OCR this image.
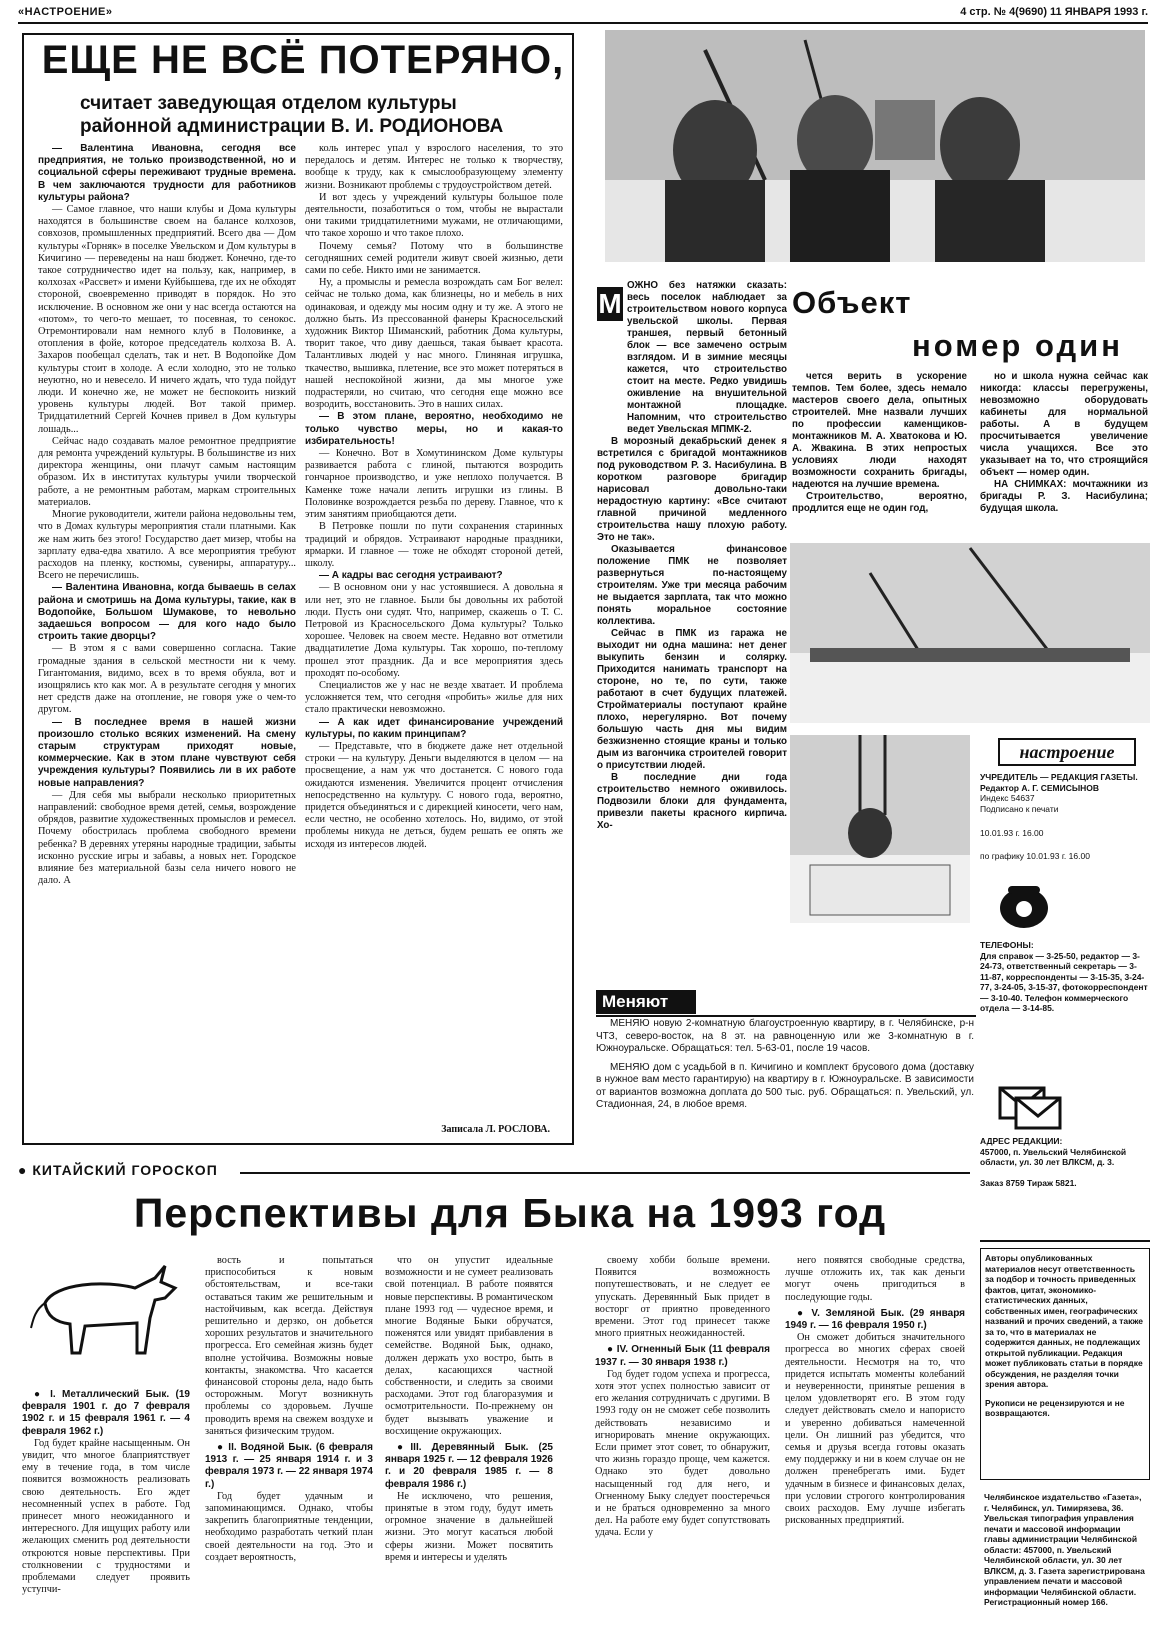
«НАСТРОЕНИЕ»	4 стр. № 4(9690) 11 ЯНВАРЯ 1993 г.
ЕЩЕ НЕ ВСЁ ПОТЕРЯНО,
считает заведующая отделом культуры районной администрации В. И. РОДИОНОВА

— Валентина Ивановна, сегодня все предприятия, не только производственной, но и социальной сферы переживают трудные времена. В чем заключаются трудности для работников культуры района?

— Самое главное, что наши клубы и Дома культуры находятся в большинстве своем на балансе колхозов, совхозов, промышленных предприятий. Всего два — Дом культуры «Горняк» в поселке Увельском и Дом культуры в Кичигино — переведены на наш бюджет. Конечно, где-то такое сотрудничество идет на пользу, как, например, в колхозах «Рассвет» и имени Куйбышева, где их не обходят стороной, своевременно приводят в порядок. Но это исключение. В основном же они у нас всегда остаются на «потом», то чего-то мешает, то посевная, то сенокос. Отремонтировали нам немного клуб в Половинке, а отопления в фойе, которое председатель колхоза В. А. Захаров пообещал сделать, так и нет. В Водопойке Дом культуры стоит в холоде. А если холодно, это не только неуютно, но и невесело. И ничего ждать, что туда пойдут люди. И конечно же, не может не беспокоить низкий уровень культуры людей. Вот такой пример. Тридцатилетний Сергей Кочнев привел в Дом культуры лошадь...

Сейчас надо создавать малое ремонтное предприятие для ремонта учреждений культуры. В большинстве из них директора женщины, они плачут самым настоящим образом. Их в институтах культуры учили творческой работе, а не ремонтным работам, маркам строительных материалов.

Многие руководители, жители района недовольны тем, что в Домах культуры мероприятия стали платными. Как же нам жить без этого! Государство дает мизер, чтобы на зарплату едва-едва хватило. А все мероприятия требуют расходов на пленку, костюмы, сувениры, аппаратуру... Всего не перечислишь.

— Валентина Ивановна, когда бываешь в селах района и смотришь на Дома культуры, такие, как в Водопойке, Большом Шумакове, то невольно задаешься вопросом — для кого надо было строить такие дворцы?

— В этом я с вами совершенно согласна. Такие громадные здания в сельской местности ни к чему. Гигантомания, видимо, всех в то время обуяла, вот и изощрялись кто как мог. А в результате сегодня у многих нет средств даже на отопление, не говоря уже о чем-то другом.

— В последнее время в нашей жизни произошло столько всяких изменений. На смену старым структурам приходят новые, коммерческие. Как в этом плане чувствуют себя учреждения культуры? Появились ли в их работе новые направления?

— Для себя мы выбрали несколько приоритетных направлений: свободное время детей, семья, возрождение обрядов, развитие художественных промыслов и ремесел. Почему обострилась проблема свободного времени ребенка? В деревнях утеряны народные традиции, забыты исконно русские игры и забавы, а новых нет. Городское влияние без материальной базы села ничего нового не дало. А

коль интерес упал у взрослого населения, то это передалось и детям. Интерес не только к творчеству, вообще к труду, как к смыслообразующему элементу жизни. Возникают проблемы с трудоустройством детей.

И вот здесь у учреждений культуры большое поле деятельности, позаботиться о том, чтобы не вырастали они такими тридцатилетними мужами, не отличающими, что такое хорошо и что такое плохо.

Почему семья? Потому что в большинстве сегодняшних семей родители живут своей жизнью, дети сами по себе. Никто ими не занимается.

Ну, а промыслы и ремесла возрождать сам Бог велел: сейчас не только дома, как близнецы, но и мебель в них одинаковая, и одежду мы носим одну и ту же. А этого не должно быть. Из прессованной фанеры Красносельский художник Виктор Шиманский, работник Дома культуры, творит такое, что диву даешься, такая бывает красота. Талантливых людей у нас много. Глиняная игрушка, ткачество, вышивка, плетение, все это может потеряться в нашей неспокойной жизни, да мы многое уже подрастеряли, но считаю, что сегодня еще можно все возродить, восстановить. Это в наших силах.

— В этом плане, вероятно, необходимо не только чувство меры, но и какая-то избирательность!

— Конечно. Вот в Хомутининском Доме культуры развивается работа с глиной, пытаются возродить гончарное производство, и уже неплохо получается. В Каменке тоже начали лепить игрушки из глины. В Половинке возрождается резьба по дереву. Главное, что к этим занятиям приобщаются дети.

В Петровке пошли по пути сохранения старинных традиций и обрядов. Устраивают народные праздники, ярмарки. И главное — тоже не обходят стороной детей, школу.

— А кадры вас сегодня устраивают?

— В основном они у нас устоявшиеся. А довольна я или нет, это не главное. Были бы довольны их работой люди. Пусть они судят. Что, например, скажешь о Т. С. Петровой из Красносельского Дома культуры? Только хорошее. Человек на своем месте. Недавно вот отметили двадцатилетие Дома культуры. Так хорошо, по-теплому прошел этот праздник. Да и все мероприятия здесь проходят по-особому.

Специалистов же у нас не везде хватает. И проблема усложняется тем, что сегодня «пробить» жилье для них стало практически невозможно.

— А как идет финансирование учреждений культуры, по каким принципам?

— Представьте, что в бюджете даже нет отдельной строки — на культуру. Деньги выделяются в целом — на просвещение, а нам уж что достанется. С нового года ожидаются изменения. Увеличится процент отчисления непосредственно на культуру. С нового года, вероятно, придется объединяться и с дирекцией киносети, чего нам, если честно, не особенно хотелось. Но, видимо, от этой проблемы никуда не деться, будем решать ее опять же исходя из интересов людей.

Записала Л. РОСЛОВА.
Объект
номер один

ОЖНО без натяжки сказать: весь поселок наблюдает за строительством нового корпуса увельской школы. Первая траншея, первый бетонный блок — все замечено острым взглядом. И в зимние месяцы кажется, что строительство стоит на месте. Редко увидишь оживление на внушительной монтажной площадке. Напомним, что строительство ведет Увельская МПМК-2.

В морозный декабрьский денек я встретился с бригадой монтажников под руководством Р. З. Насибулина. В коротком разговоре бригадир нарисовал довольно-таки нерадостную картину: «Все считают главной причиной медленного строительства нашу плохую работу. Это не так».

Оказывается финансовое положение ПМК не позволяет развернуться по-настоящему строителям. Уже три месяца рабочим не выдается зарплата, так что можно понять моральное состояние коллектива.

Сейчас в ПМК из гаража не выходит ни одна машина: нет денег выкупить бензин и солярку. Приходится нанимать транспорт на стороне, но те, по сути, также работают в счет будущих платежей. Стройматериалы поступают крайне плохо, нерегулярно. Вот почему большую часть дня мы видим безжизненно стоящие краны и только дым из вагончика строителей говорит о присутствии людей.

В последние дни года строительство немного оживилось. Подвозили блоки для фундамента, привезли пакеты красного кирпича. Хо-

М

чется верить в ускорение темпов. Тем более, здесь немало мастеров своего дела, опытных строителей. Мне назвали лучших по профессии каменщиков-монтажников М. А. Хватокова и Ю. А. Жвакина. В этих непростых условиях люди находят возможности сохранить бригады, надеются на лучшие времена.

Строительство, вероятно, продлится еще не один год,

но и школа нужна сейчас как никогда: классы перегружены, невозможно оборудовать кабинеты для нормальной работы. А в будущем просчитывается увеличение числа учащихся. Все это указывает на то, что строящийся объект — номер один.

НА СНИМКАХ: мочтажники из бригады Р. З. Насибулина; будущая школа.

Меняют

МЕНЯЮ новую 2-комнатную благоустроенную квартиру, в г. Челябинске, р-н ЧТЗ, северо-восток, на 8 эт. на равноценную или же 3-комнатную в г. Южноуральске. Обращаться: тел. 5-63-01, после 19 часов.

МЕНЯЮ дом с усадьбой в п. Кичигино и комплект брусового дома (доставку в нужное вам место гарантирую) на квартиру в г. Южноуральске. В зависимости от вариантов возможна доплата до 500 тыс. руб. Обращаться: п. Увельский, ул. Стадионная, 24, в любое время.

настроение
УЧРЕДИТЕЛЬ — РЕДАКЦИЯ ГАЗЕТЫ.
Редактор А. Г. СЕМИСЫНОВ
Индекс 54637
Подписано к печати
10.01.93 г. 16.00
по графику 10.01.93 г. 16.00
ТЕЛЕФОНЫ:
Для справок — 3-25-50, редактор — 3-24-73, ответственный секретарь — 3-11-87, корреспонденты — 3-15-35, 3-24-77, 3-24-05, 3-15-37, фотокорреспондент — 3-10-40. Телефон коммерческого отдела — 3-14-85.
АДРЕС РЕДАКЦИИ:
457000, п. Увельский Челябинской области, ул. 30 лет ВЛКСМ, д. 3.
Заказ 8759 Тираж 5821.
Авторы опубликованных материалов несут ответственность за подбор и точность приведенных фактов, цитат, экономико-статистических данных, собственных имен, географических названий и прочих сведений, а также за то, что в материалах не содержится данных, не подлежащих открытой публикации. Редакция может публиковать статьи в порядке обсуждения, не разделяя точки зрения автора.
Рукописи не рецензируются и не возвращаются.
Челябинское издательство «Газета», г. Челябинск, ул. Тимирязева, 36. Увельская типография управления печати и массовой информации главы администрации Челябинской области: 457000, п. Увельский Челябинской области, ул. 30 лет ВЛКСМ, д. 3. Газета зарегистрирована управлением печати и массовой информации Челябинской области. Регистрационный номер 166.
● КИТАЙСКИЙ ГОРОСКОП
Перспективы для Быка на 1993 год

● I. Металлический Бык. (19 февраля 1901 г. до 7 февраля 1902 г. и 15 февраля 1961 г. — 4 февраля 1962 г.)

Год будет крайне насыщенным. Он увидит, что многое блаприятствует ему в течение года, в том числе появится возможность реализовать свою деятельность. Его ждет несомненный успех в работе. Год принесет много неожиданного и интересного. Для ищущих работу или желающих сменить род деятельности откроются новые перспективы. При столкновении с трудностями и проблемами следует проявить уступчи-

вость и попытаться приспособиться к новым обстоятельствам, и все-таки оставаться таким же решительным и настойчивым, как всегда. Действуя решительно и дерзко, он добьется хороших результатов и значительного прогресса. Его семейная жизнь будет вполне устойчива. Возможны новые контакты, знакомства. Что касается финансовой стороны дела, надо быть осторожным. Могут возникнуть проблемы со здоровьем. Лучше проводить время на свежем воздухе и заняться физическим трудом.

● II. Водяной Бык. (6 февраля 1913 г. — 25 января 1914 г. и 3 февраля 1973 г. — 22 января 1974 г.)

Год будет удачным и запоминающимся. Однако, чтобы закрепить благоприятные тенденции, необходимо разработать четкий план своей деятельности на год. Это и создает вероятность,

что он упустит идеальные возможности и не сумеет реализовать свой потенциал. В работе появятся новые перспективы. В романтическом плане 1993 год — чудесное время, и многие Водяные Быки обручатся, поженятся или увидят прибавления в семействе. Водяной Бык, однако, должен держать ухо востро, быть в делах, касающихся частной собственности, и следить за своими расходами. Этот год благоразумия и осмотрительности. По-прежнему он будет вызывать уважение и восхищение окружающих.

●III. Деревянный Бык. (25 января 1925 г. — 12 февраля 1926 г. и 20 февраля 1985 г. — 8 февраля 1986 г.)

Не исключено, что решения, принятые в этом году, будут иметь огромное значение в дальнейшей жизни. Это могут касаться любой сферы жизни. Может посвятить время и интересы и уделять

своему хобби больше времени. Появится возможность попутешествовать, и не следует ее упускать. Деревянный Бык придет в восторг от приятно проведенного времени. Этот год принесет также много приятных неожиданностей.

● IV. Огненный Бык (11 февраля 1937 г. — 30 января 1938 г.)

Год будет годом успеха и прогресса, хотя этот успех полностью зависит от его желания сотрудничать с другими. В 1993 году он не сможет себе позволить действовать независимо и игнорировать мнение окружающих. Если примет этот совет, то обнаружит, что жизнь гораздо проще, чем кажется. Однако это будет довольно насыщенный год для него, и Огненному Быку следует поостеречься и не браться одновременно за много дел. На работе ему будет сопутствовать удача. Если у

него появятся свободные средства, лучше отложить их, так как деньги могут очень пригодиться в последующие годы.

● V. Земляной Бык. (29 января 1949 г. — 16 февраля 1950 г.)

Он сможет добиться значительного прогресса во многих сферах своей деятельности. Несмотря на то, что придется испытать моменты колебаний и неуверенности, принятые решения в целом удовлетворят его. В этом году следует действовать смело и напористо и уверенно добиваться намеченной цели. Он лишний раз убедится, что семья и друзья всегда готовы оказать ему поддержку и ни в коем случае он не должен пренебрегать ими. Будет удачным в бизнесе и финансовых делах, при условии строгого контролирования своих расходов. Ему лучше избегать рискованных предприятий.
